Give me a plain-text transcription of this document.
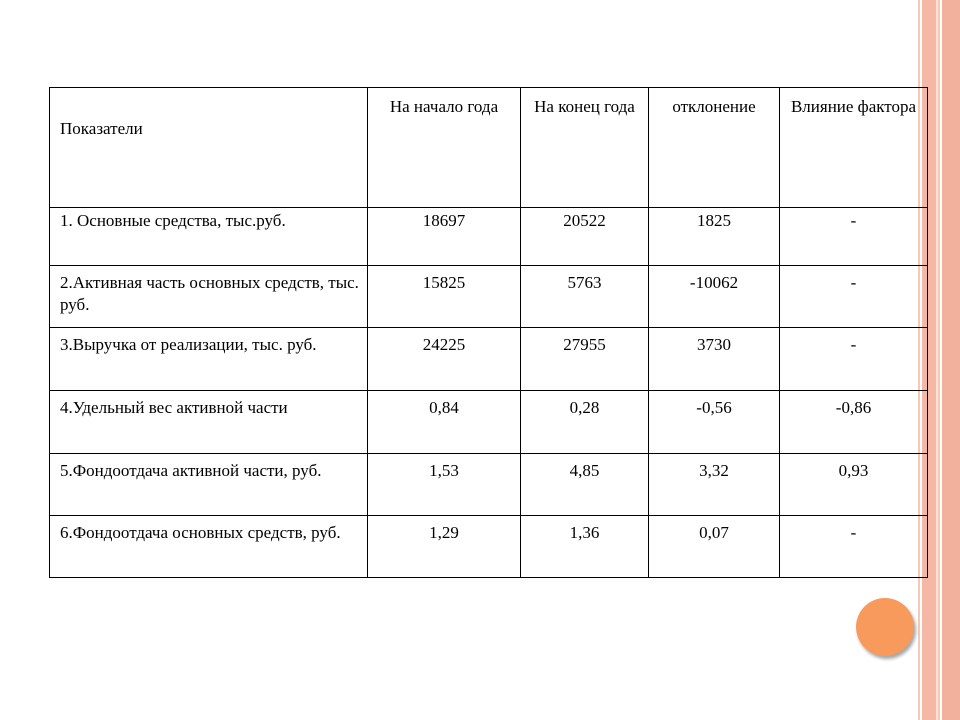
Показатели	На начало года	На конец года	отклонение	Влияние фактора
1. Основные средства, тыс.руб.	18697	20522	1825	-
2.Активная часть основных средств, тыс. руб.	15825	5763	-10062	-
3.Выручка от реализации, тыс. руб.	24225	27955	3730	-
4.Удельный вес активной части	0,84	0,28	-0,56	-0,86
5.Фондоотдача активной части, руб.	1,53	4,85	3,32	0,93
6.Фондоотдача основных средств, руб.	1,29	1,36	0,07	-
